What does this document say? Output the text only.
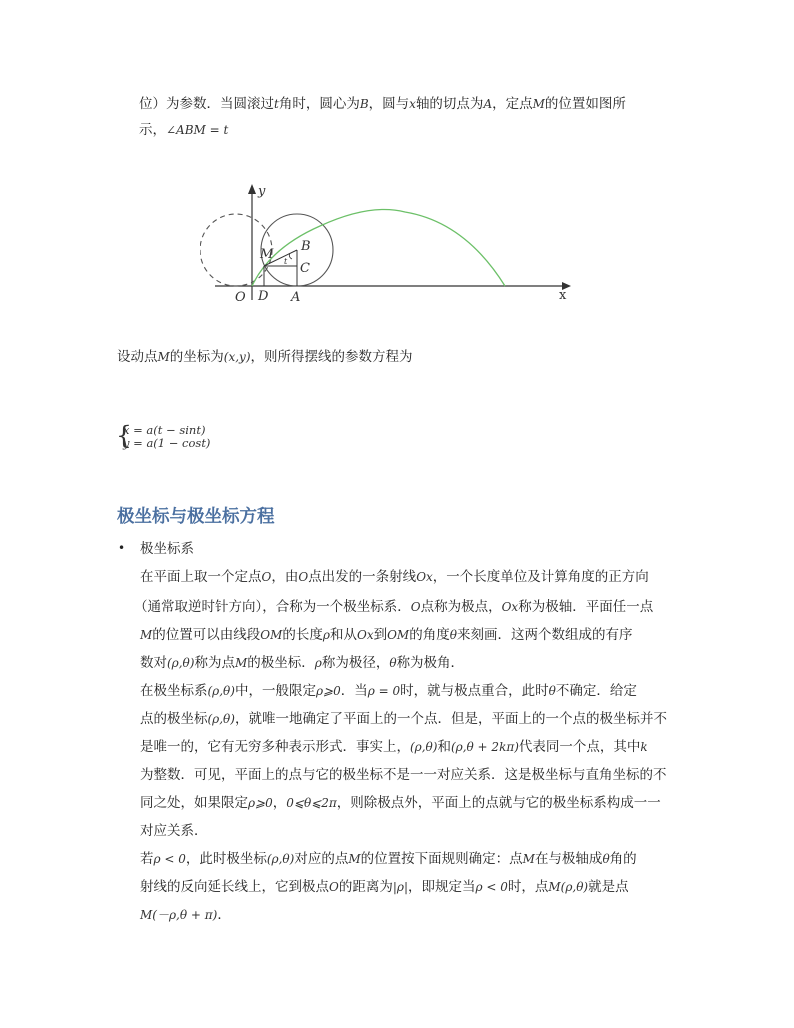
位）为参数．当圆滚过t角时，圆心为B，圆与x轴的切点为A，定点M的位置如图所
示，∠ABM = t
y
x
O D A
B
C
M t
设动点M的坐标为(x,y)，则所得摆线的参数方程为
{
x = a(t − sint)
y = a(1 − cost)
极坐标与极坐标方程
• 极坐标系
在平面上取一个定点O，由O点出发的一条射线Ox，一个长度单位及计算角度的正方向
（通常取逆时针方向），合称为一个极坐标系．O点称为极点，Ox称为极轴．平面任一点
M的位置可以由线段OM的长度ρ和从Ox到OM的角度θ来刻画．这两个数组成的有序
数对(ρ,θ)称为点M的极坐标．ρ称为极径，θ称为极角．
在极坐标系(ρ,θ)中，一般限定ρ⩾0．当ρ = 0时，就与极点重合，此时θ不确定．给定
点的极坐标(ρ,θ)，就唯一地确定了平面上的一个点．但是，平面上的一个点的极坐标并不
是唯一的，它有无穷多种表示形式．事实上，(ρ,θ)和(ρ,θ + 2kπ)代表同一个点，其中k
为整数．可见，平面上的点与它的极坐标不是一一对应关系．这是极坐标与直角坐标的不
同之处，如果限定ρ⩾0，0⩽θ⩽2π，则除极点外，平面上的点就与它的极坐标系构成一一
对应关系．
若ρ < 0，此时极坐标(ρ,θ)对应的点M的位置按下面规则确定：点M在与极轴成θ角的
射线的反向延长线上，它到极点O的距离为|ρ|，即规定当ρ < 0时，点M(ρ,θ)就是点
M(－ρ,θ + π)．
